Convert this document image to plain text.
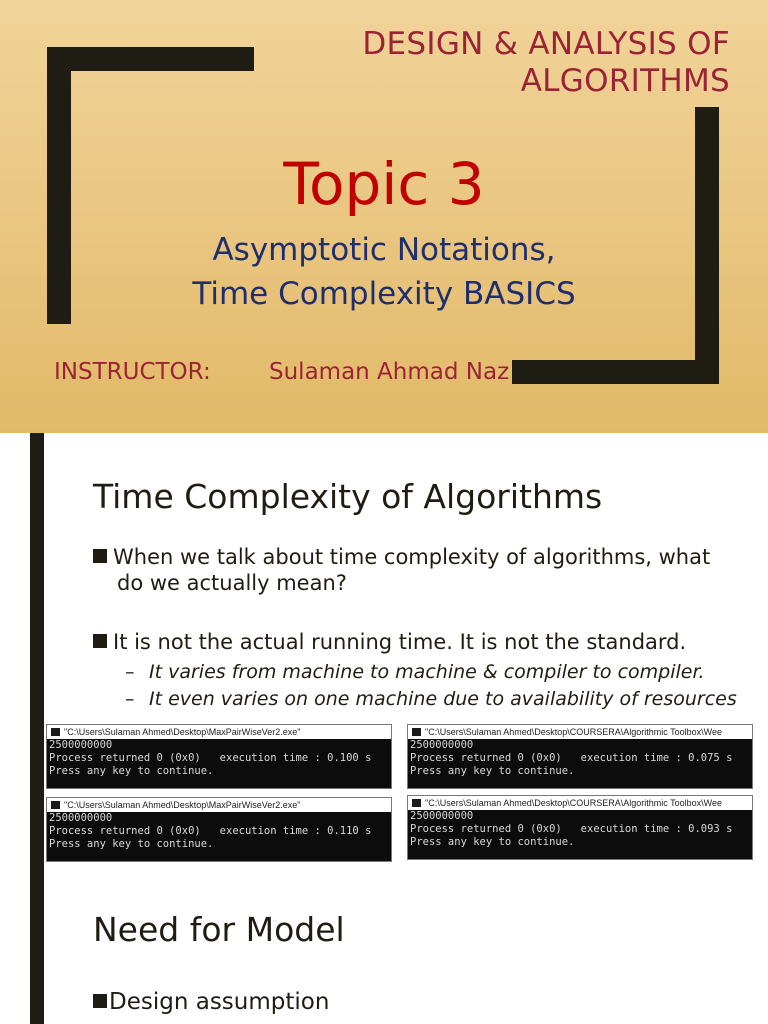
DESIGN & ANALYSIS OF
ALGORITHMS
Topic 3
Asymptotic Notations,
Time Complexity BASICS
INSTRUCTOR:	Sulaman Ahmad Naz
Time Complexity of Algorithms
When we talk about time complexity of algorithms, what do we actually mean?
It is not the actual running time. It is not the standard.
– It varies from machine to machine & compiler to compiler.
– It even varies on one machine due to availability of resources
"C:\Users\Sulaman Ahmed\Desktop\MaxPairWiseVer2.exe"
2500000000
Process returned 0 (0x0)   execution time : 0.100 s
Press any key to continue.
"C:\Users\Sulaman Ahmed\Desktop\COURSERA\Algorithmic Toolbox\Wee
2500000000
Process returned 0 (0x0)   execution time : 0.075 s
Press any key to continue.
"C:\Users\Sulaman Ahmed\Desktop\MaxPairWiseVer2.exe"
2500000000
Process returned 0 (0x0)   execution time : 0.110 s
Press any key to continue.
"C:\Users\Sulaman Ahmed\Desktop\COURSERA\Algorithmic Toolbox\Wee
2500000000
Process returned 0 (0x0)   execution time : 0.093 s
Press any key to continue.
Need for Model
Design assumption
